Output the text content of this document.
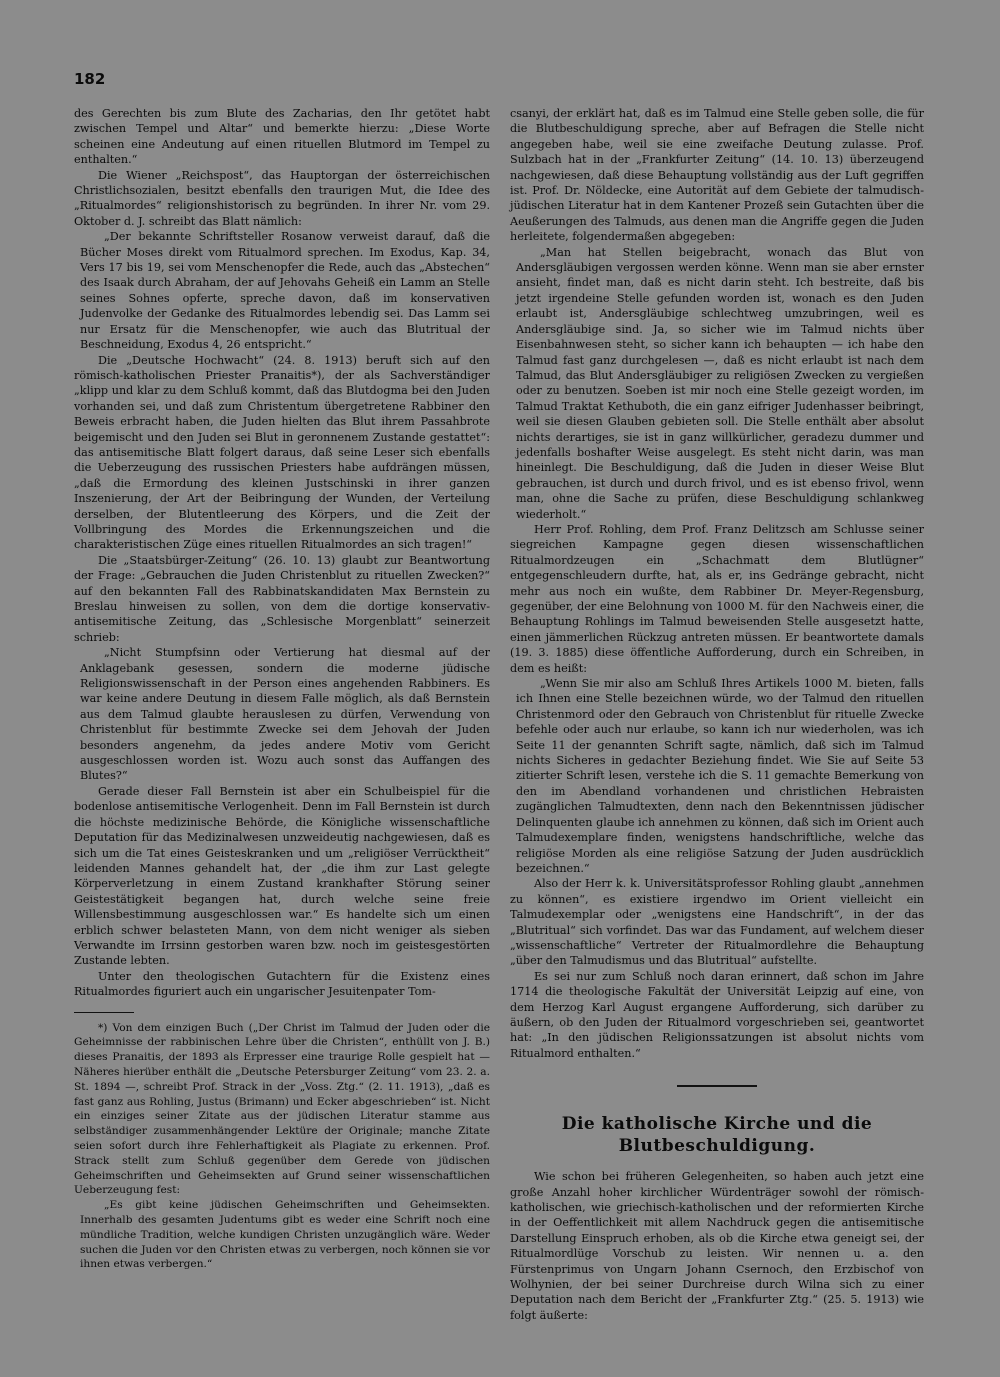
182

des Gerechten bis zum Blute des Zacharias, den Ihr getötet habt zwischen Tempel und Altar“ und bemerkte hierzu: „Diese Worte scheinen eine Andeutung auf einen rituellen Blutmord im Tempel zu enthalten.“

Die Wiener „Reichspost“, das Hauptorgan der österreichischen Christlichsozialen, besitzt ebenfalls den traurigen Mut, die Idee des „Ritualmordes“ religionshistorisch zu begründen. In ihrer Nr. vom 29. Oktober d. J. schreibt das Blatt nämlich:

„Der bekannte Schriftsteller Rosanow verweist darauf, daß die Bücher Moses direkt vom Ritualmord sprechen. Im Exodus, Kap. 34, Vers 17 bis 19, sei vom Menschenopfer die Rede, auch das „Abstechen“ des Isaak durch Abraham, der auf Jehovahs Geheiß ein Lamm an Stelle seines Sohnes opferte, spreche davon, daß im konservativen Judenvolke der Gedanke des Ritualmordes lebendig sei. Das Lamm sei nur Ersatz für die Menschenopfer, wie auch das Blutritual der Beschneidung, Exodus 4, 26 entspricht.“

Die „Deutsche Hochwacht“ (24. 8. 1913) beruft sich auf den römisch-katholischen Priester Pranaitis*), der als Sachverständiger „klipp und klar zu dem Schluß kommt, daß das Blutdogma bei den Juden vorhanden sei, und daß zum Christentum übergetretene Rabbiner den Beweis erbracht haben, die Juden hielten das Blut ihrem Passahbrote beigemischt und den Juden sei Blut in geronnenem Zustande gestattet“: das antisemitische Blatt folgert daraus, daß seine Leser sich ebenfalls die Ueberzeugung des russischen Priesters habe aufdrängen müssen, „daß die Ermordung des kleinen Justschinski in ihrer ganzen Inszenierung, der Art der Beibringung der Wunden, der Verteilung derselben, der Blutentleerung des Körpers, und die Zeit der Vollbringung des Mordes die Erkennungszeichen und die charakteristischen Züge eines rituellen Ritualmordes an sich tragen!“

Die „Staatsbürger-Zeitung“ (26. 10. 13) glaubt zur Beantwortung der Frage: „Gebrauchen die Juden Christenblut zu rituellen Zwecken?“ auf den bekannten Fall des Rabbinatskandidaten Max Bernstein zu Breslau hinweisen zu sollen, von dem die dortige konservativ-antisemitische Zeitung, das „Schlesische Morgenblatt“ seinerzeit schrieb:

„Nicht Stumpfsinn oder Vertierung hat diesmal auf der Anklagebank gesessen, sondern die moderne jüdische Religionswissenschaft in der Person eines angehenden Rabbiners. Es war keine andere Deutung in diesem Falle möglich, als daß Bernstein aus dem Talmud glaubte herauslesen zu dürfen, Verwendung von Christenblut für bestimmte Zwecke sei dem Jehovah der Juden besonders angenehm, da jedes andere Motiv vom Gericht ausgeschlossen worden ist. Wozu auch sonst das Auffangen des Blutes?“

Gerade dieser Fall Bernstein ist aber ein Schulbeispiel für die bodenlose antisemitische Verlogenheit. Denn im Fall Bernstein ist durch die höchste medizinische Behörde, die Königliche wissenschaftliche Deputation für das Medizinalwesen unzweideutig nachgewiesen, daß es sich um die Tat eines Geisteskranken und um „religiöser Verrücktheit“ leidenden Mannes gehandelt hat, der „die ihm zur Last gelegte Körperverletzung in einem Zustand krankhafter Störung seiner Geistestätigkeit begangen hat, durch welche seine freie Willensbestimmung ausgeschlossen war.“ Es handelte sich um einen erblich schwer belasteten Mann, von dem nicht weniger als sieben Verwandte im Irrsinn gestorben waren bzw. noch im geistesgestörten Zustande lebten.

Unter den theologischen Gutachtern für die Existenz eines Ritualmordes figuriert auch ein ungarischer Jesuitenpater Tom-

*) Von dem einzigen Buch („Der Christ im Talmud der Juden oder die Geheimnisse der rabbinischen Lehre über die Christen“, enthüllt von J. B.) dieses Pranaitis, der 1893 als Erpresser eine traurige Rolle gespielt hat — Näheres hierüber enthält die „Deutsche Petersburger Zeitung“ vom 23. 2. a. St. 1894 —, schreibt Prof. Strack in der „Voss. Ztg.“ (2. 11. 1913), „daß es fast ganz aus Rohling, Justus (Brimann) und Ecker abgeschrieben“ ist. Nicht ein einziges seiner Zitate aus der jüdischen Literatur stamme aus selbständiger zusammenhängender Lektüre der Originale; manche Zitate seien sofort durch ihre Fehlerhaftigkeit als Plagiate zu erkennen. Prof. Strack stellt zum Schluß gegenüber dem Gerede von jüdischen Geheimschriften und Geheimsekten auf Grund seiner wissenschaftlichen Ueberzeugung fest:

„Es gibt keine jüdischen Geheimschriften und Geheimsekten. Innerhalb des gesamten Judentums gibt es weder eine Schrift noch eine mündliche Tradition, welche kundigen Christen unzugänglich wäre. Weder suchen die Juden vor den Christen etwas zu verbergen, noch können sie vor ihnen etwas verbergen.“

csanyi, der erklärt hat, daß es im Talmud eine Stelle geben solle, die für die Blutbeschuldigung spreche, aber auf Befragen die Stelle nicht angegeben habe, weil sie eine zweifache Deutung zulasse. Prof. Sulzbach hat in der „Frankfurter Zeitung“ (14. 10. 13) überzeugend nachgewiesen, daß diese Behauptung vollständig aus der Luft gegriffen ist. Prof. Dr. Nöldecke, eine Autorität auf dem Gebiete der talmudisch-jüdischen Literatur hat in dem Kantener Prozeß sein Gutachten über die Aeußerungen des Talmuds, aus denen man die Angriffe gegen die Juden herleitete, folgendermaßen abgegeben:

„Man hat Stellen beigebracht, wonach das Blut von Andersgläubigen vergossen werden könne. Wenn man sie aber ernster ansieht, findet man, daß es nicht darin steht. Ich bestreite, daß bis jetzt irgendeine Stelle gefunden worden ist, wonach es den Juden erlaubt ist, Andersgläubige schlechtweg umzubringen, weil es Andersgläubige sind. Ja, so sicher wie im Talmud nichts über Eisenbahnwesen steht, so sicher kann ich behaupten — ich habe den Talmud fast ganz durchgelesen —, daß es nicht erlaubt ist nach dem Talmud, das Blut Andersgläubiger zu religiösen Zwecken zu vergießen oder zu benutzen. Soeben ist mir noch eine Stelle gezeigt worden, im Talmud Traktat Kethuboth, die ein ganz eifriger Judenhasser beibringt, weil sie diesen Glauben gebieten soll. Die Stelle enthält aber absolut nichts derartiges, sie ist in ganz willkürlicher, geradezu dummer und jedenfalls boshafter Weise ausgelegt. Es steht nicht darin, was man hineinlegt. Die Beschuldigung, daß die Juden in dieser Weise Blut gebrauchen, ist durch und durch frivol, und es ist ebenso frivol, wenn man, ohne die Sache zu prüfen, diese Beschuldigung schlankweg wiederholt.“

Herr Prof. Rohling, dem Prof. Franz Delitzsch am Schlusse seiner siegreichen Kampagne gegen diesen wissenschaftlichen Ritualmordzeugen ein „Schachmatt dem Blutlügner“ entgegenschleudern durfte, hat, als er, ins Gedränge gebracht, nicht mehr aus noch ein wußte, dem Rabbiner Dr. Meyer-Regensburg, gegenüber, der eine Belohnung von 1000 M. für den Nachweis einer, die Behauptung Rohlings im Talmud beweisenden Stelle ausgesetzt hatte, einen jämmerlichen Rückzug antreten müssen. Er beantwortete damals (19. 3. 1885) diese öffentliche Aufforderung, durch ein Schreiben, in dem es heißt:

„Wenn Sie mir also am Schluß Ihres Artikels 1000 M. bieten, falls ich Ihnen eine Stelle bezeichnen würde, wo der Talmud den rituellen Christenmord oder den Gebrauch von Christenblut für rituelle Zwecke befehle oder auch nur erlaube, so kann ich nur wiederholen, was ich Seite 11 der genannten Schrift sagte, nämlich, daß sich im Talmud nichts Sicheres in gedachter Beziehung findet. Wie Sie auf Seite 53 zitierter Schrift lesen, verstehe ich die S. 11 gemachte Bemerkung von den im Abendland vorhandenen und christlichen Hebraisten zugänglichen Talmudtexten, denn nach den Bekenntnissen jüdischer Delinquenten glaube ich annehmen zu können, daß sich im Orient auch Talmudexemplare finden, wenigstens handschriftliche, welche das religiöse Morden als eine religiöse Satzung der Juden ausdrücklich bezeichnen.“

Also der Herr k. k. Universitätsprofessor Rohling glaubt „annehmen zu können“, es existiere irgendwo im Orient vielleicht ein Talmudexemplar oder „wenigstens eine Handschrift“, in der das „Blutritual“ sich vorfindet. Das war das Fundament, auf welchem dieser „wissenschaftliche“ Vertreter der Ritualmordlehre die Behauptung „über den Talmudismus und das Blutritual“ aufstellte.

Es sei nur zum Schluß noch daran erinnert, daß schon im Jahre 1714 die theologische Fakultät der Universität Leipzig auf eine, von dem Herzog Karl August ergangene Aufforderung, sich darüber zu äußern, ob den Juden der Ritualmord vorgeschrieben sei, geantwortet hat: „In den jüdischen Religionssatzungen ist absolut nichts vom Ritualmord enthalten.“

Die katholische Kirche und die Blutbeschuldigung.

Wie schon bei früheren Gelegenheiten, so haben auch jetzt eine große Anzahl hoher kirchlicher Würdenträger sowohl der römisch-katholischen, wie griechisch-katholischen und der reformierten Kirche in der Oeffentlichkeit mit allem Nachdruck gegen die antisemitische Darstellung Einspruch erhoben, als ob die Kirche etwa geneigt sei, der Ritualmordlüge Vorschub zu leisten. Wir nennen u. a. den Fürstenprimus von Ungarn Johann Csernoch, den Erzbischof von Wolhynien, der bei seiner Durchreise durch Wilna sich zu einer Deputation nach dem Bericht der „Frankfurter Ztg.“ (25. 5. 1913) wie folgt äußerte:
